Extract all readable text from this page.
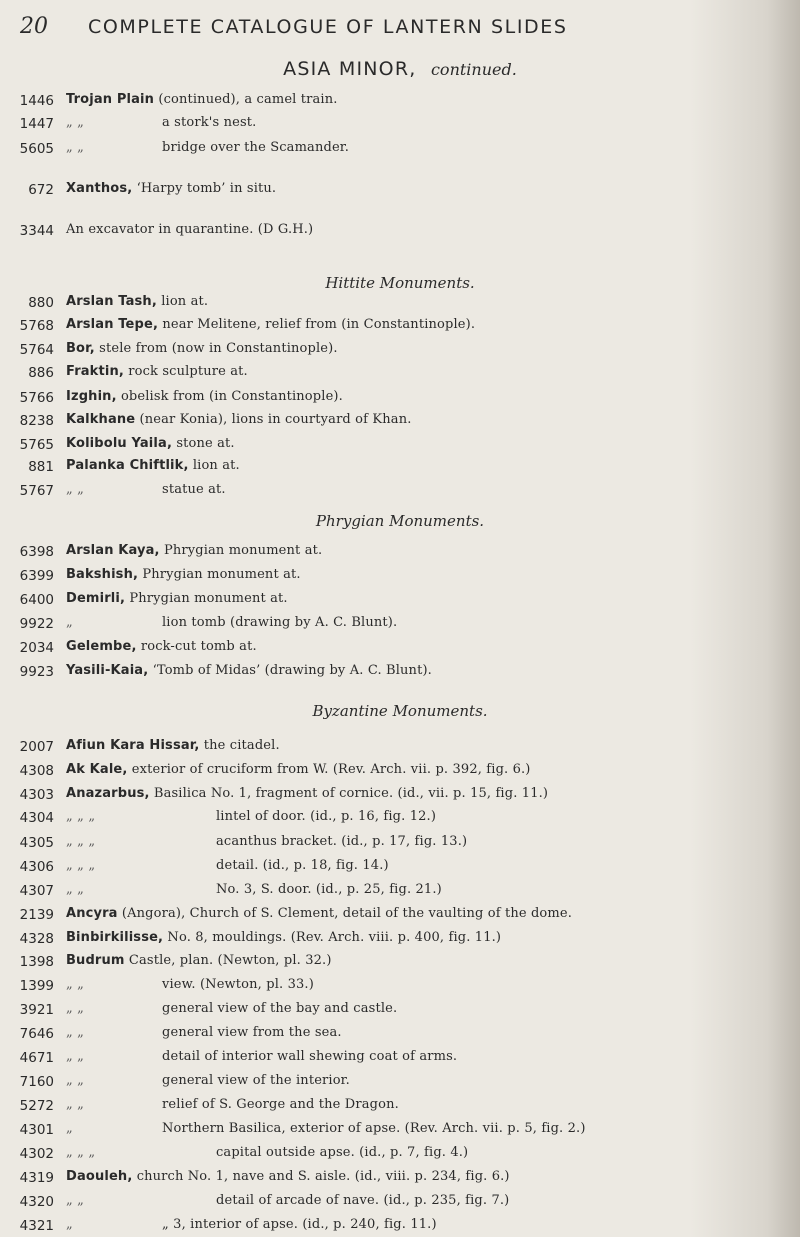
20 COMPLETE CATALOGUE OF LANTERN SLIDES
ASIA MINOR, continued.
Hittite Monuments.
Phrygian Monuments.
Byzantine Monuments.
1446 Trojan Plain (continued), a camel train.
1447 „ „	a stork's nest.
5605 „ „	bridge over the Scamander.
672 Xanthos, ‘Harpy tomb’ in situ.
3344 An excavator in quarantine. (D G.H.)
880 Arslan Tash, lion at.
5768 Arslan Tepe, near Melitene, relief from (in Constantinople).
5764 Bor, stele from (now in Constantinople).
886 Fraktin, rock sculpture at.
5766 Izghin, obelisk from (in Constantinople).
8238 Kalkhane (near Konia), lions in courtyard of Khan.
5765 Kolibolu Yaila, stone at.
881 Palanka Chiftlik, lion at.
5767 „ „	statue at.
6398 Arslan Kaya, Phrygian monument at.
6399 Bakshish, Phrygian monument at.
6400 Demirli, Phrygian monument at.
9922 „	lion tomb (drawing by A. C. Blunt).
2034 Gelembe, rock-cut tomb at.
9923 Yasili-Kaia, ‘Tomb of Midas’ (drawing by A. C. Blunt).
2007 Afiun Kara Hissar, the citadel.
4308 Ak Kale, exterior of cruciform from W. (Rev. Arch. vii. p. 392, fig. 6.)
4303 Anazarbus, Basilica No. 1, fragment of cornice. (id., vii. p. 15, fig. 11.)
4304 „ „ „	lintel of door. (id., p. 16, fig. 12.)
4305 „ „ „	acanthus bracket. (id., p. 17, fig. 13.)
4306 „ „ „	detail. (id., p. 18, fig. 14.)
4307 „ „	No. 3, S. door. (id., p. 25, fig. 21.)
2139 Ancyra (Angora), Church of S. Clement, detail of the vaulting of the dome.
4328 Binbirkilisse, No. 8, mouldings. (Rev. Arch. viii. p. 400, fig. 11.)
1398 Budrum Castle, plan. (Newton, pl. 32.)
1399 „ „	view. (Newton, pl. 33.)
3921 „ „	general view of the bay and castle.
7646 „ „	general view from the sea.
4671 „ „	detail of interior wall shewing coat of arms.
7160 „ „	general view of the interior.
5272 „ „	relief of S. George and the Dragon.
4301 „	Northern Basilica, exterior of apse. (Rev. Arch. vii. p. 5, fig. 2.)
4302 „ „ „	capital outside apse. (id., p. 7, fig. 4.)
4319 Daouleh, church No. 1, nave and S. aisle. (id., viii. p. 234, fig. 6.)
4320 „ „	detail of arcade of nave. (id., p. 235, fig. 7.)
4321 „	„ 3, interior of apse. (id., p. 240, fig. 11.)
